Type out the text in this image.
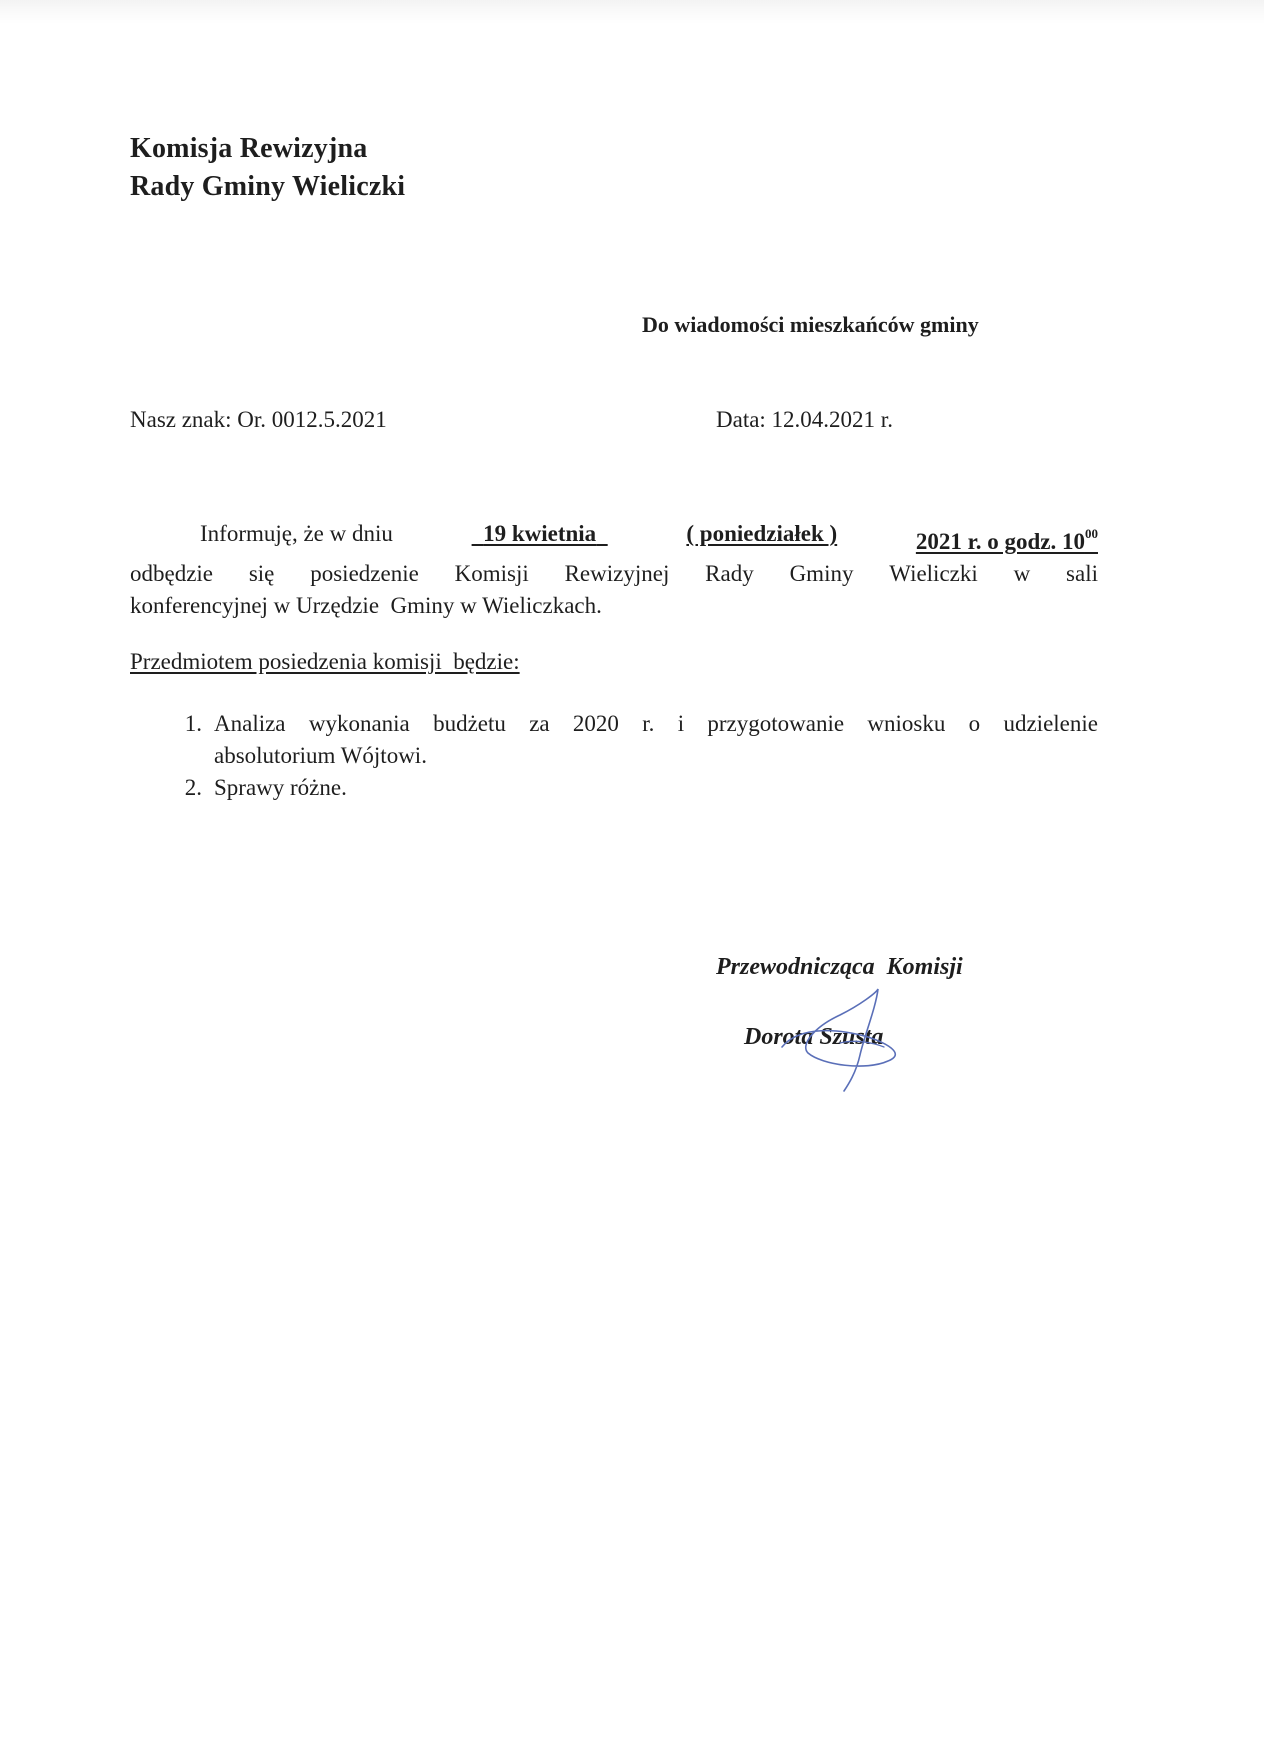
Komisja Rewizyjna
Rady Gminy Wieliczki
Do wiadomości mieszkańców gminy
Nasz znak: Or. 0012.5.2021	Data: 12.04.2021 r.
Informuję, że w dniu	19 kwietnia	( poniedziałek )	2021 r. o godz. $10^{00}$
odbędzie się posiedzenie Komisji Rewizyjnej Rady Gminy Wieliczki w sali
konferencyjnej w Urzędzie  Gminy w Wieliczkach.
Przedmiotem posiedzenia komisji  będzie:
1. Analiza wykonania budżetu za 2020 r. i przygotowanie wniosku o udzielenie
absolutorium Wójtowi.
2. Sprawy różne.
Przewodnicząca  Komisji
Dorota Szusta
